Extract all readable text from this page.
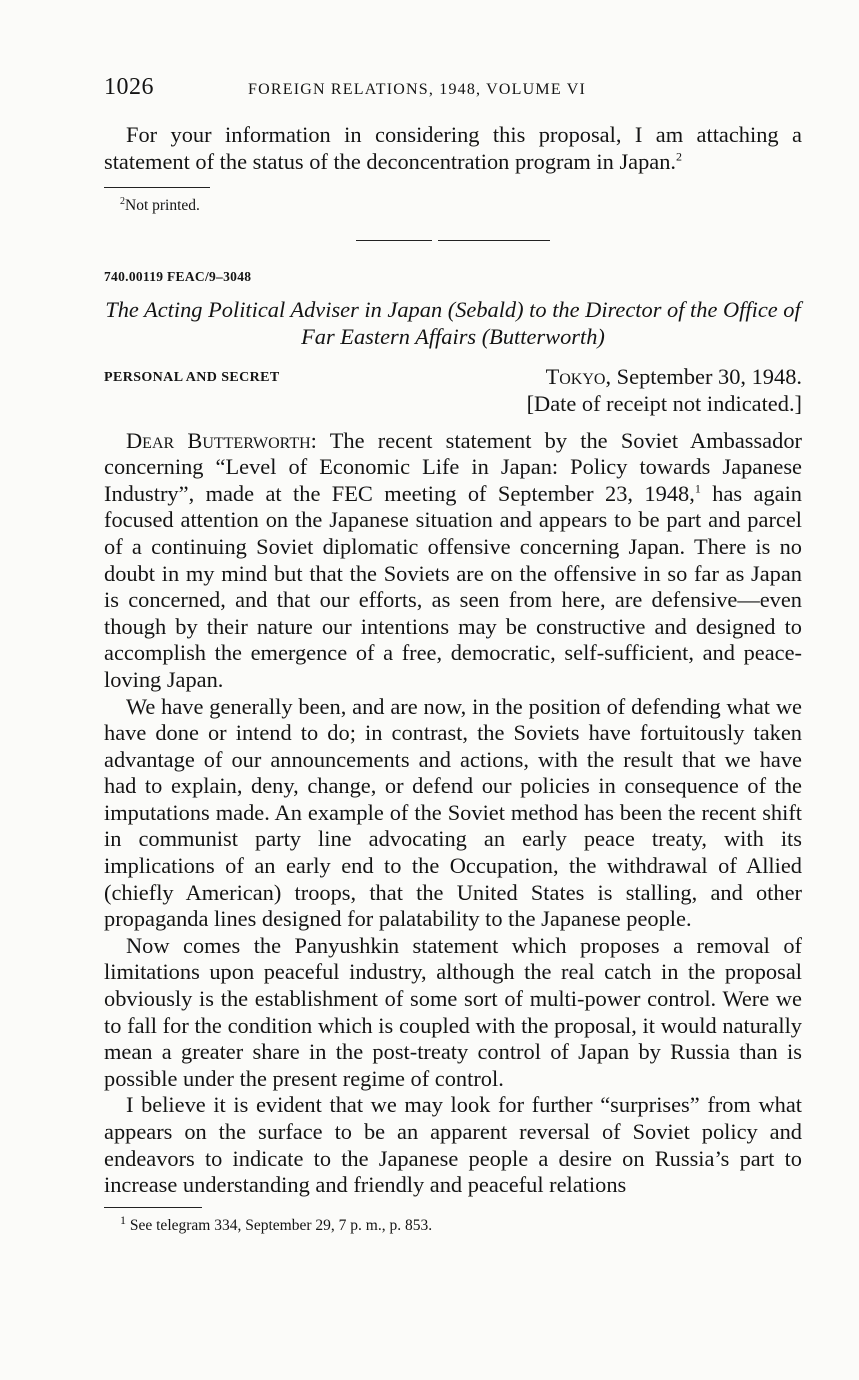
1026	FOREIGN RELATIONS, 1948, VOLUME VI

For your information in considering this proposal, I am attaching a statement of the status of the deconcentration program in Japan.$^2$

$^2$Not printed.
740.00119 FEAC/9–3048
The Acting Political Adviser in Japan (Sebald) to the Director of the Office of Far Eastern Affairs (Butterworth)
PERSONAL AND SECRET	Tokyo, September 30, 1948.
[Date of receipt not indicated.]

Dear Butterworth: The recent statement by the Soviet Ambassador concerning “Level of Economic Life in Japan: Policy towards Japanese Industry”, made at the FEC meeting of September 23, 1948,$^1$ has again focused attention on the Japanese situation and appears to be part and parcel of a continuing Soviet diplomatic offensive concerning Japan. There is no doubt in my mind but that the Soviets are on the offensive in so far as Japan is concerned, and that our efforts, as seen from here, are defensive—even though by their nature our intentions may be constructive and designed to accomplish the emergence of a free, democratic, self-sufficient, and peace-loving Japan.

We have generally been, and are now, in the position of defending what we have done or intend to do; in contrast, the Soviets have fortuitously taken advantage of our announcements and actions, with the result that we have had to explain, deny, change, or defend our policies in consequence of the imputations made. An example of the Soviet method has been the recent shift in communist party line advocating an early peace treaty, with its implications of an early end to the Occupation, the withdrawal of Allied (chiefly American) troops, that the United States is stalling, and other propaganda lines designed for palatability to the Japanese people.

Now comes the Panyushkin statement which proposes a removal of limitations upon peaceful industry, although the real catch in the proposal obviously is the establishment of some sort of multi-power control. Were we to fall for the condition which is coupled with the proposal, it would naturally mean a greater share in the post-treaty control of Japan by Russia than is possible under the present regime of control.

I believe it is evident that we may look for further “surprises” from what appears on the surface to be an apparent reversal of Soviet policy and endeavors to indicate to the Japanese people a desire on Russia’s part to increase understanding and friendly and peaceful relations

$^1$ See telegram 334, September 29, 7 p. m., p. 853.
